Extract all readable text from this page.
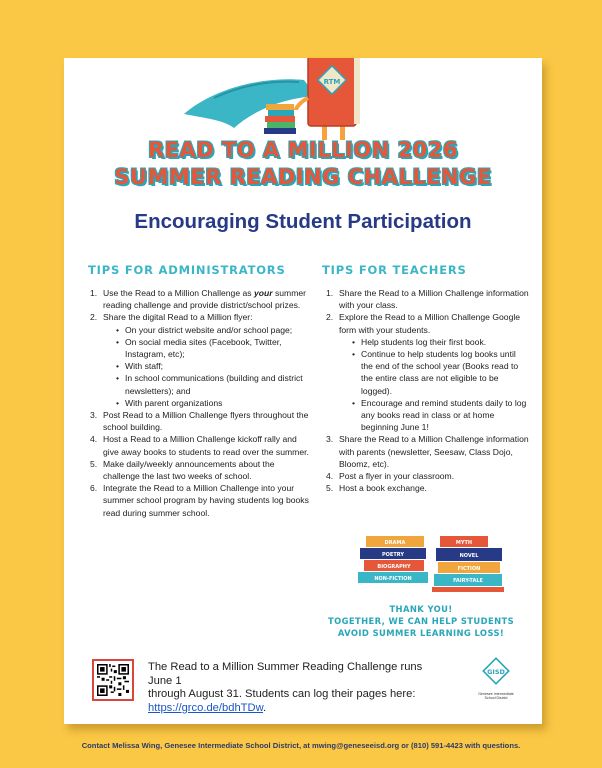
RTM
READ TO A MILLION 2026
SUMMER READING CHALLENGE
Encouraging Student Participation
TIPS FOR ADMINISTRATORS	TIPS FOR TEACHERS
1. Use the Read to a Million Challenge as your summer reading challenge and provide district/school prizes.
2. Share the digital Read to a Million flyer:
• On your district website and/or school page;
• On social media sites (Facebook, Twitter, Instagram, etc);
• With staff;
• In school communications (building and district newsletters); and
• With parent organizations
3. Post Read to a Million Challenge flyers throughout the school building.
4. Host a Read to a Million Challenge kickoff rally and give away books to students to read over the summer.
5. Make daily/weekly announcements about the challenge the last two weeks of school.
6. Integrate the Read to a Million Challenge into your summer school program by having students log books read during summer school.
1. Share the Read to a Million Challenge information with your class.
2. Explore the Read to a Million Challenge Google form with your students.
• Help students log their first book.
• Continue to help students log books until the end of the school year (Books read to the entire class are not eligible to be logged).
• Encourage and remind students daily to log any books read in class or at home beginning June 1!
3. Share the Read to a Million Challenge information with parents (newsletter, Seesaw, Class Dojo, Bloomz, etc).
4. Post a flyer in your classroom.
5. Host a book exchange.
DRAMA
POETRY
BIOGRAPHY
NON-FICTION
MYTH
NOVEL
FICTION
FAIRY-TALE
THANK YOU!
TOGETHER, WE CAN HELP STUDENTS
AVOID SUMMER LEARNING LOSS!
The Read to a Million Summer Reading Challenge runs June 1
through August 31. Students can log their pages here:
https://grco.de/bdhTDw.
GISD
Genesee Intermediate
School District
Contact Melissa Wing, Genesee Intermediate School District, at mwing@geneseeisd.org or (810) 591-4423 with questions.
